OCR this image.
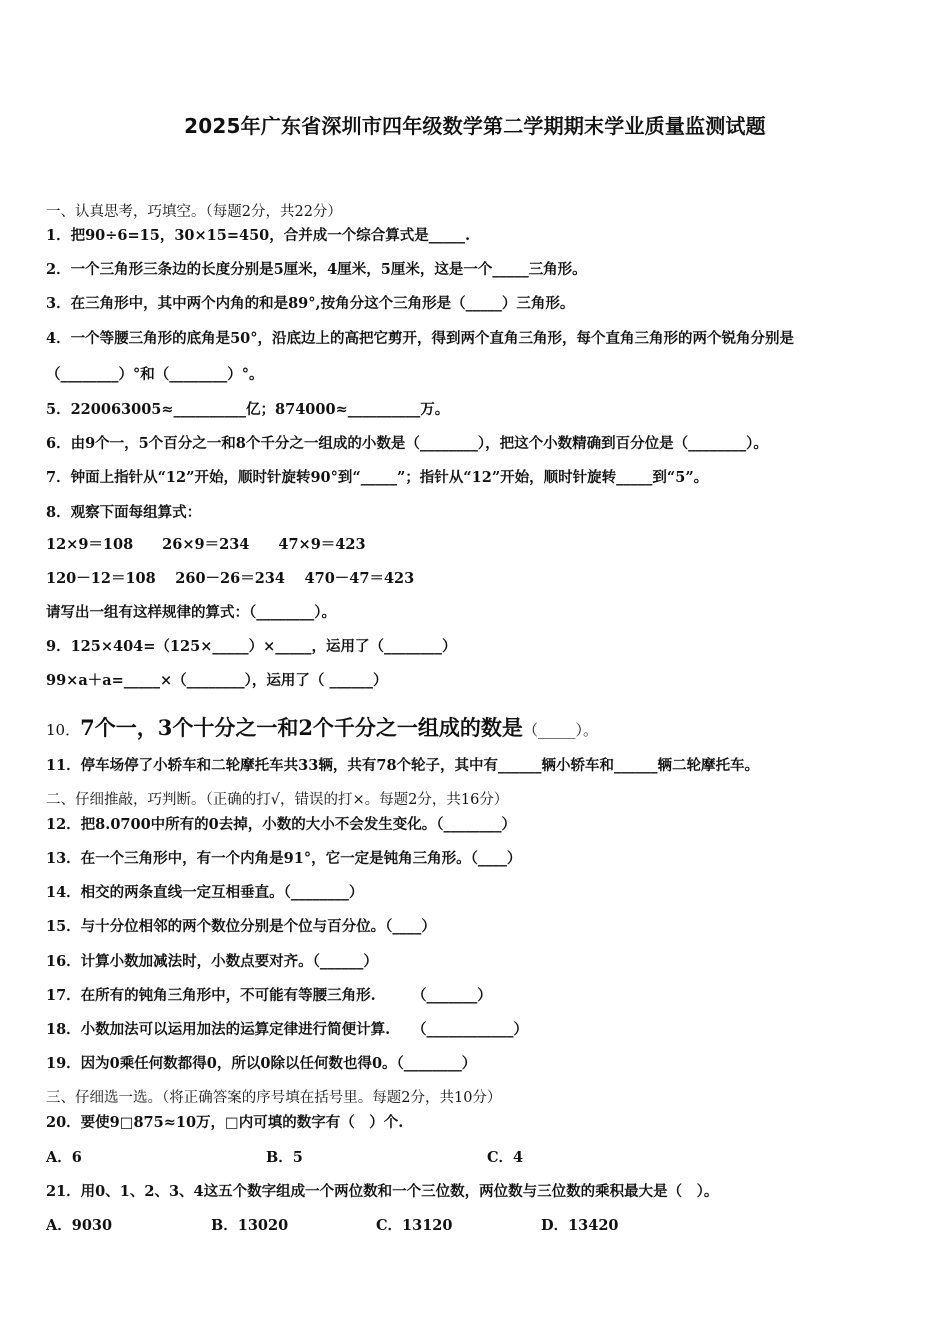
2025年广东省深圳市四年级数学第二学期期末学业质量监测试题
一、认真思考，巧填空。（每题2分，共22分）
1．把90÷6=15，30×15=450，合并成一个综合算式是_____.
2．一个三角形三条边的长度分别是5厘米，4厘米，5厘米，这是一个_____三角形。
3．在三角形中，其中两个内角的和是89°,按角分这个三角形是（_____）三角形。
4．一个等腰三角形的底角是50°，沿底边上的高把它剪开，得到两个直角三角形，每个直角三角形的两个锐角分别是
（________）°和（________）°。
5．220063005≈__________亿；874000≈__________万。
6．由9个一，5个百分之一和8个千分之一组成的小数是（________），把这个小数精确到百分位是（________）。
7．钟面上指针从“12”开始，顺时针旋转90°到“_____”；指针从“12”开始，顺时针旋转_____到“5”。
8．观察下面每组算式：
12×9＝108　　26×9＝234　　47×9＝423
120－12＝108　 260－26＝234　 470－47＝423
请写出一组有这样规律的算式：（________）。
9．125×404=（125×_____）×_____，运用了（________）
99×a＋a=_____×（________），运用了（ ______）
10．7个一，3个十分之一和2个千分之一组成的数是（_____）。
11．停车场停了小轿车和二轮摩托车共33辆，共有78个轮子，其中有______辆小轿车和______辆二轮摩托车。
二、仔细推敲，巧判断。（正确的打√，错误的打×。每题2分，共16分）
12．把8.0700中所有的0去掉，小数的大小不会发生变化。（________）
13．在一个三角形中，有一个内角是91°，它一定是钝角三角形。（____）
14．相交的两条直线一定互相垂直。（________）
15．与十分位相邻的两个数位分别是个位与百分位。（____）
16．计算小数加减法时，小数点要对齐。（______）
17．在所有的钝角三角形中，不可能有等腰三角形.　　　（_______）
18．小数加法可以运用加法的运算定律进行简便计算.　　（____________）
19．因为0乘任何数都得0，所以0除以任何数也得0。（________）
三、仔细选一选。（将正确答案的序号填在括号里。每题2分，共10分）
20．要使9□875≈10万，□内可填的数字有（　）个.
A．6	B．5	C．4
21．用0、1、2、3、4这五个数字组成一个两位数和一个三位数，两位数与三位数的乘积最大是（　）。
A．9030	B．13020	C．13120	D．13420
